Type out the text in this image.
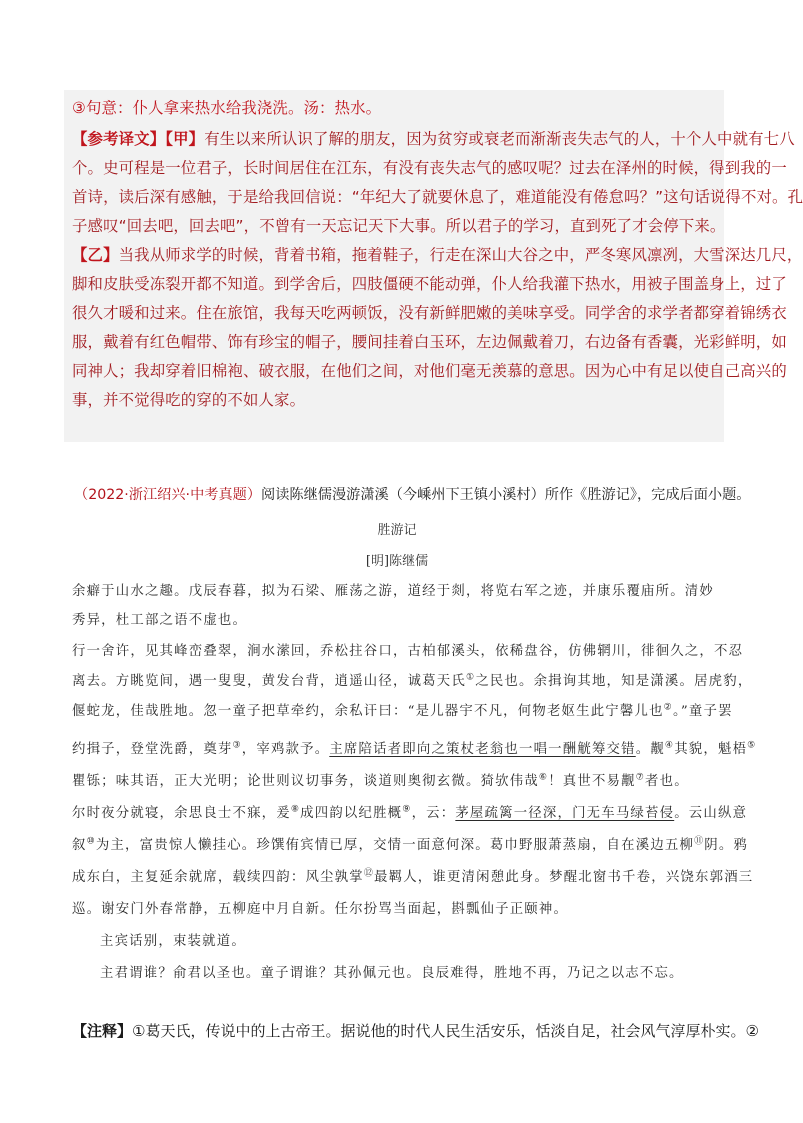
③句意：仆人拿来热水给我浇洗。汤：热水。

【参考译文】【甲】有生以来所认识了解的朋友，因为贫穷或衰老而渐渐丧失志气的人，十个人中就有七八

个。史可程是一位君子，长时间居住在江东，有没有丧失志气的感叹呢？过去在泽州的时候，得到我的一

首诗，读后深有感触，于是给我回信说：“年纪大了就要休息了，难道能没有倦怠吗？”这句话说得不对。孔

子感叹“回去吧，回去吧”，不曾有一天忘记天下大事。所以君子的学习，直到死了才会停下来。

【乙】当我从师求学的时候，背着书箱，拖着鞋子，行走在深山大谷之中，严冬寒风凛冽，大雪深达几尺，

脚和皮肤受冻裂开都不知道。到学舍后，四肢僵硬不能动弹，仆人给我灌下热水，用被子围盖身上，过了

很久才暖和过来。住在旅馆，我每天吃两顿饭，没有新鲜肥嫩的美味享受。同学舍的求学者都穿着锦绣衣

服，戴着有红色帽带、饰有珍宝的帽子，腰间挂着白玉环，左边佩戴着刀，右边备有香囊，光彩鲜明，如

同神人；我却穿着旧棉袍、破衣服，在他们之间，对他们毫无羡慕的意思。因为心中有足以使自己高兴的

事，并不觉得吃的穿的不如人家。

（2022·浙江绍兴·中考真题）阅读陈继儒漫游潇溪（今嵊州下王镇小溪村）所作《胜游记》，完成后面小题。
胜游记
[明]陈继儒
余癖于山水之趣。戊辰春暮，拟为石梁、雁荡之游，道经于剡，将览右军之迹，并康乐覆庙所。清妙
秀异，杜工部之语不虚也。
行一舍许，见其峰峦叠翠，涧水潆回，乔松拄谷口，古柏郁溪头，依稀盘谷，仿佛辋川，徘徊久之，不忍
离去。方眺览间，遇一叟叟，黄发台背，逍遥山径，诚葛天氏①之民也。余揖询其地，知是潇溪。居虎豹，
偃蛇龙，佳哉胜地。忽一童子把草牵约，余私讦曰：“是儿器宇不凡，何物老妪生此宁馨儿也②。”童子罢
约揖子，登堂洗爵，奠芽③，宰鸡款予。主席陪话者即向之策杖老翁也一唱一酬觥筹交错。觏④其貌，魁梧⑤
瞿铄；味其语，正大光明；论世则议切事务，谈道则奥彻玄微。猗欤伟哉⑥！真世不易觏⑦者也。
尔时夜分就寝，余思良士不寐，爰⑧成四韵以纪胜概⑨，云：茅屋疏篱一径深，门无车马绿苔侵。云山纵意
叙⑩为主，富贵惊人懒挂心。珍馔侑宾情已厚，交情一面意何深。葛巾野服萧蒸扇，自在溪边五柳⑪阴。鸦
成东白，主复延余就席，载续四韵：风尘孰掌⑫最羁人，谁更清闲憩此身。梦醒北窗书千卷，兴饶东郭酒三
巡。谢安门外春常静，五柳庭中月自新。任尔扮骂当面起，斟瓢仙子正颐神。
主宾话别，束装就道。
主君谓谁？俞君以圣也。童子谓谁？其孙佩元也。良辰难得，胜地不再，乃记之以志不忘。
【注释】①葛天氏，传说中的上古帝王。据说他的时代人民生活安乐，恬淡自足，社会风气淳厚朴实。②
